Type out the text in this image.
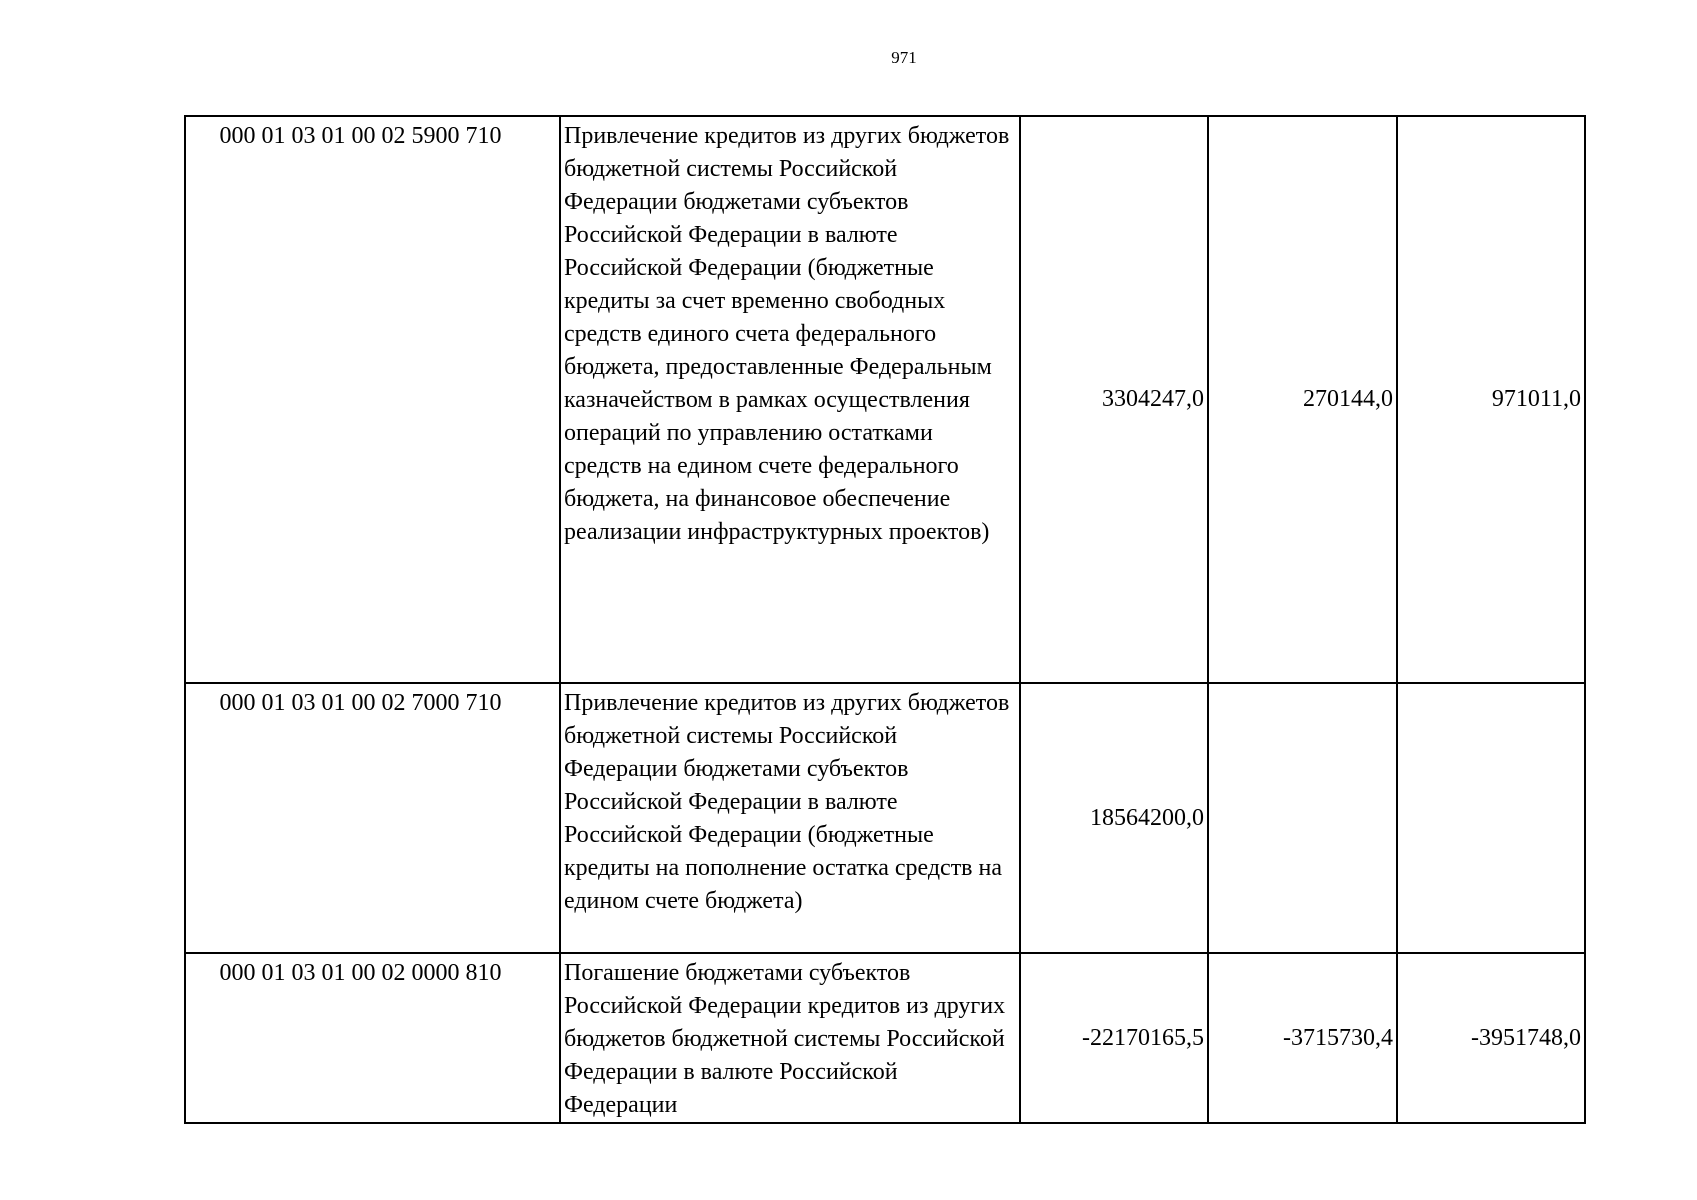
971
000 01 03 01 00 02 5900 710	Привлечение кредитов из других бюджетов бюджетной системы Российской Федерации бюджетами субъектов Российской Федерации в валюте Российской Федерации (бюджетные кредиты за счет временно свободных средств единого счета федерального бюджета, предоставленные Федеральным казначейством в рамках осуществления операций по управлению остатками средств на едином счете федерального бюджета, на финансовое обеспечение реализации инфраструктурных проектов)	3304247,0	270144,0	971011,0
000 01 03 01 00 02 7000 710	Привлечение кредитов из других бюджетов бюджетной системы Российской Федерации бюджетами субъектов Российской Федерации в валюте Российской Федерации (бюджетные кредиты на пополнение остатка средств на едином счете бюджета)	18564200,0		
000 01 03 01 00 02 0000 810	Погашение бюджетами субъектов Российской Федерации кредитов из других бюджетов бюджетной системы Российской Федерации в валюте Российской Федерации	-22170165,5	-3715730,4	-3951748,0
